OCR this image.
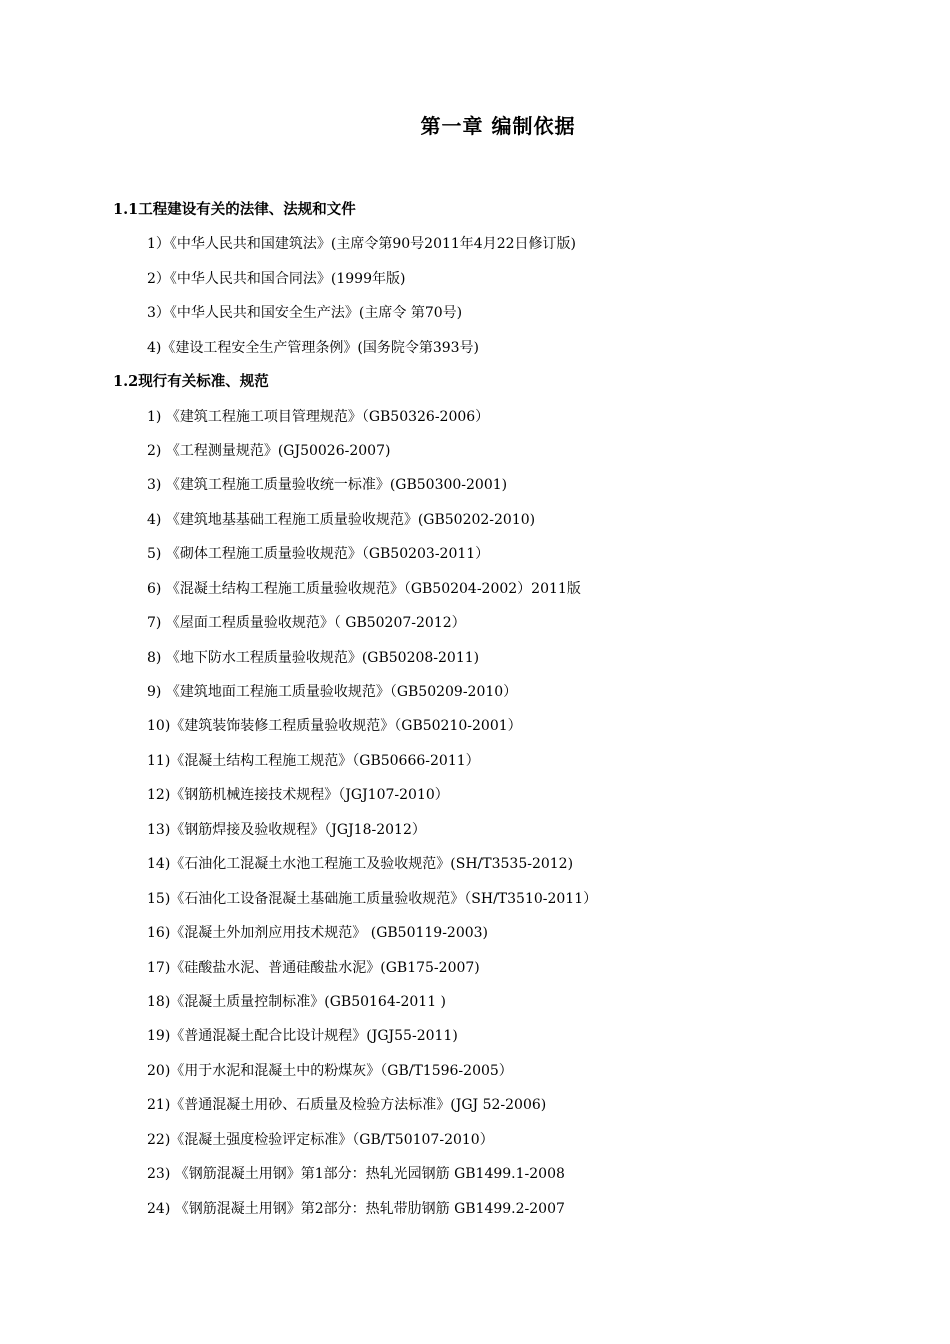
第一章 编制依据
1.1工程建设有关的法律、法规和文件
1）《中华人民共和国建筑法》(主席令第90号2011年4月22日修订版)
2）《中华人民共和国合同法》(1999年版)
3）《中华人民共和国安全生产法》(主席令 第70号)
4)《建设工程安全生产管理条例》(国务院令第393号)
1.2现行有关标准、规范
1) 《建筑工程施工项目管理规范》（GB50326-2006）
2) 《工程测量规范》(GJ50026-2007)
3) 《建筑工程施工质量验收统一标准》(GB50300-2001)
4) 《建筑地基基础工程施工质量验收规范》(GB50202-2010)
5) 《砌体工程施工质量验收规范》（GB50203-2011）
6) 《混凝土结构工程施工质量验收规范》（GB50204-2002）2011版
7) 《屋面工程质量验收规范》（ GB50207-2012）
8) 《地下防水工程质量验收规范》(GB50208-2011)
9) 《建筑地面工程施工质量验收规范》（GB50209-2010）
10)《建筑装饰装修工程质量验收规范》（GB50210-2001）
11)《混凝土结构工程施工规范》（GB50666-2011）
12)《钢筋机械连接技术规程》（JGJ107-2010）
13)《钢筋焊接及验收规程》（JGJ18-2012）
14)《石油化工混凝土水池工程施工及验收规范》(SH/T3535-2012)
15)《石油化工设备混凝土基础施工质量验收规范》（SH/T3510-2011）
16)《混凝土外加剂应用技术规范》 (GB50119-2003)
17)《硅酸盐水泥、普通硅酸盐水泥》(GB175-2007)
18)《混凝土质量控制标准》(GB50164-2011 )
19)《普通混凝土配合比设计规程》(JGJ55-2011)
20)《用于水泥和混凝土中的粉煤灰》（GB/T1596-2005）
21)《普通混凝土用砂、石质量及检验方法标准》(JGJ 52-2006)
22)《混凝土强度检验评定标准》（GB/T50107-2010）
23) 《钢筋混凝土用钢》第1部分：热轧光园钢筋 GB1499.1-2008
24) 《钢筋混凝土用钢》第2部分：热轧带肋钢筋 GB1499.2-2007
